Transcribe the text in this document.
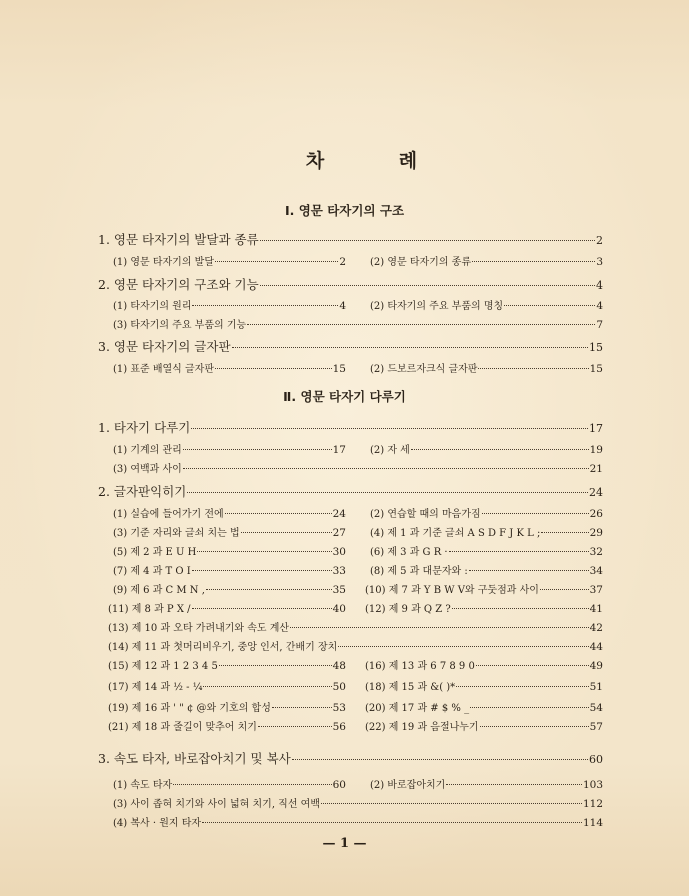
차 례
Ⅰ. 영문 타자기의 구조
1. 영문 타자기의 발달과 종류	2
(1) 영문 타자기의 발달	2 (2) 영문 타자기의 종류	3
2. 영문 타자기의 구조와 기능	4
(1) 타자기의 원리	4 (2) 타자기의 주요 부품의 명칭	4
(3) 타자기의 주요 부품의 기능	7
3. 영문 타자기의 글자판	15
(1) 표준 배열식 글자판	15 (2) 드보르자크식 글자판	15
Ⅱ. 영문 타자기 다루기
1. 타자기 다루기	17
(1) 기계의 관리	17 (2) 자 세	19
(3) 여백과 사이	21
2. 글자판익히기	24
(1) 실습에 들어가기 전에	24 (2) 연습할 때의 마음가짐	26
(3) 기준 자리와 글쇠 치는 법	27 (4) 제 1 과 기준 글쇠 A S D F J K L ;	29
(5) 제 2 과 E U H	30 (6) 제 3 과 G R ·	32
(7) 제 4 과 T O I	33 (8) 제 5 과 대문자와 :	34
(9) 제 6 과 C M N ,	35 (10) 제 7 과 Y B W V와 구둣점과 사이	37
(11) 제 8 과 P X /	40 (12) 제 9 과 Q Z ?	41
(13) 제 10 과 오타 가려내기와 속도 계산	42
(14) 제 11 과 첫머리비우기, 중앙 인서, 간배기 장치	44
(15) 제 12 과 1 2 3 4 5	48 (16) 제 13 과 6 7 8 9 0	49
(17) 제 14 과 ½ - ¼	50 (18) 제 15 과 &( )*	51
(19) 제 16 과 ' " ¢ @와 기호의 합성	53 (20) 제 17 과 # $ % _	54
(21) 제 18 과 줄길이 맞추어 치기	56 (22) 제 19 과 음절나누기	57
3. 속도 타자, 바로잡아치기 및 복사	60
(1) 속도 타자	60 (2) 바로잡아치기	103
(3) 사이 좁혀 치기와 사이 넓혀 치기, 직선 여백	112
(4) 복사 · 원지 타자	114
— 1 —
